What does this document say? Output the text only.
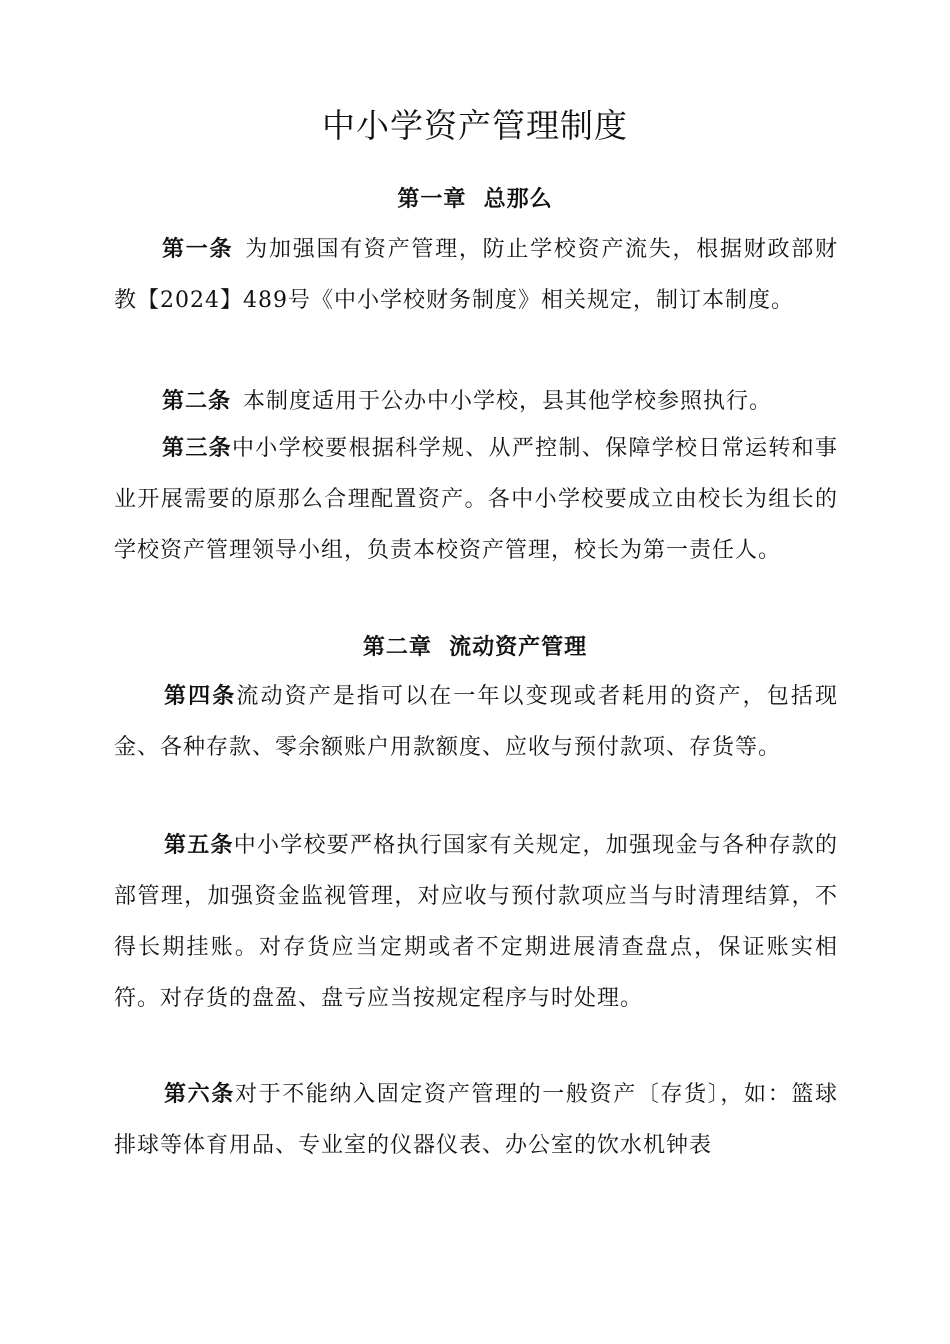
中小学资产管理制度
第一章  总那么

第一条 为加强国有资产管理，防止学校资产流失，根据财政部财教【2024】489号《中小学校财务制度》相关规定，制订本制度。

第二条 本制度适用于公办中小学校，县其他学校参照执行。

第三条中小学校要根据科学规、从严控制、保障学校日常运转和事业开展需要的原那么合理配置资产。各中小学校要成立由校长为组长的学校资产管理领导小组，负责本校资产管理，校长为第一责任人。

第二章  流动资产管理

第四条流动资产是指可以在一年以变现或者耗用的资产，包括现金、各种存款、零余额账户用款额度、应收与预付款项、存货等。

第五条中小学校要严格执行国家有关规定，加强现金与各种存款的部管理，加强资金监视管理，对应收与预付款项应当与时清理结算，不得长期挂账。对存货应当定期或者不定期进展清查盘点，保证账实相符。对存货的盘盈、盘亏应当按规定程序与时处理。

第六条对于不能纳入固定资产管理的一般资产〔存货〕，如：篮球排球等体育用品、专业室的仪器仪表、办公室的饮水机钟表
